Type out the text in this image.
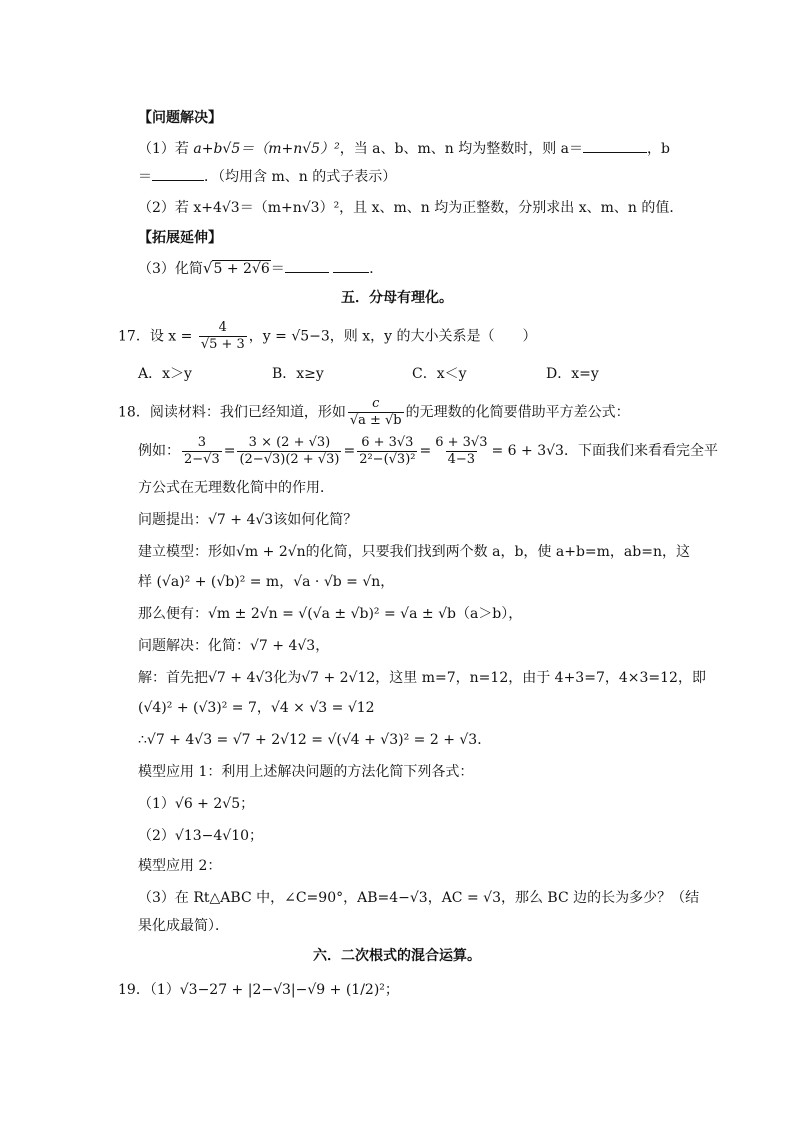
【问题解决】
（1）若 a+b√5＝（m+n√5）²，当 a、b、m、n 均为整数时，则 a＝	，b
＝	．（均用含 m、n 的式子表示）
（2）若 x+4√3＝（m+n√3）²，且 x、m、n 均为正整数，分别求出 x、m、n 的值．
【拓展延伸】
（3）化简√5 + 2√6＝	．
五．分母有理化。
17．设 $x = \frac{4}{√5 + 3}$ ，y = √5−3，则 x，y 的大小关系是（　　）
A．x＞y	B．x≥y	C．x＜y	D．x=y
18．阅读材料：我们已经知道，形如 $\frac{c}{√a \pm √b}$ 的无理数的化简要借助平方差公式：
例如： $\frac{3}{2-√3} = \frac{3 \times (2 + √3)}{(2-√3)(2 + √3)} = \frac{6 + 3√3}{\text{2²−(√3)²}} = \frac{6 + 3√3}{4-3} = 6 + 3√3$．下面我们来看看完全平
方公式在无理数化简中的作用．
问题提出：√7 + 4√3该如何化简？
建立模型：形如√m + 2√n的化简，只要我们找到两个数 a，b，使 a+b=m，ab=n，这
样 (√a)² + (√b)² = m，√a · √b = √n，
那么便有：√m ± 2√n = √(√a ± √b)² = √a ± √b（a＞b），
问题解决：化简：√7 + 4√3，
解：首先把√7 + 4√3化为√7 + 2√12，这里 m=7，n=12，由于 4+3=7，4×3=12，即
(√4)² + (√3)² = 7，√4 × √3 = √12
∴√7 + 4√3 = √7 + 2√12 = √(√4 + √3)² = 2 + √3．
模型应用 1：利用上述解决问题的方法化简下列各式：
（1）√6 + 2√5；
（2）√13−4√10；
模型应用 2：
（3）在 Rt△ABC 中，∠C=90°，AB=4−√3，AC = √3，那么 BC 边的长为多少？（结
果化成最简）．
六．二次根式的混合运算。
19．（1）√3−27 + |2−√3|−√9 + (1/2)²；
